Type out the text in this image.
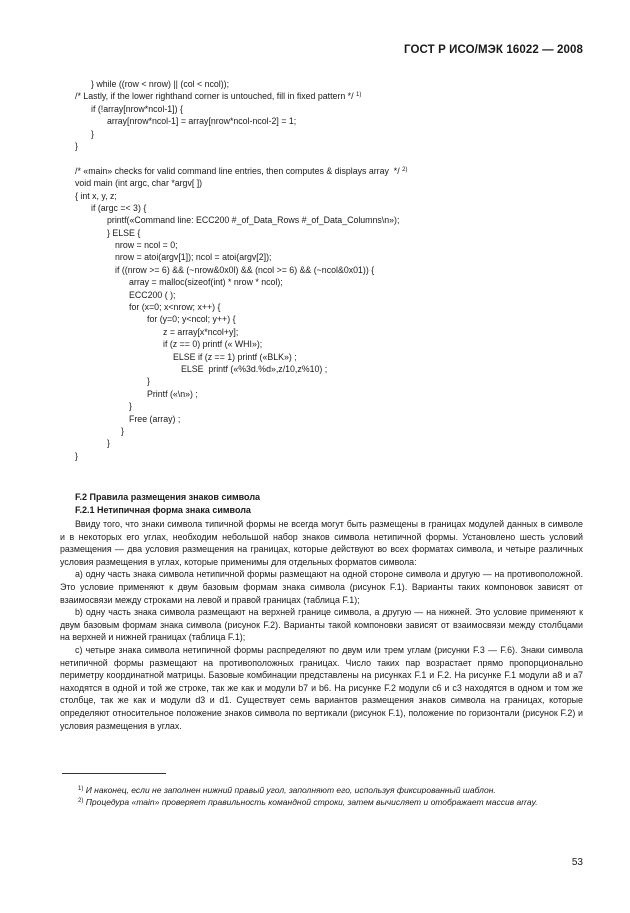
ГОСТ Р ИСО/МЭК 16022 — 2008
} while ((row < nrow) || (col < ncol));
/* Lastly, if the lower righthand corner is untouched, fill in fixed pattern */ $^{1)}$
if (!array[nrow*ncol-1]) {
array[nrow*ncol-1] = array[nrow*ncol-ncol-2] = 1;
}
}
/* «main» checks for valid command line entries, then computes & displays array  */ $^{2)}$
void main (int argc, char *argv[ ])
{ int x, y, z;
if (argc =< 3) {
printf(«Command line: ECC200 #_of_Data_Rows #_of_Data_Columns\n»);
} ELSE {
nrow = ncol = 0;
nrow = atoi(argv[1]); ncol = atoi(argv[2]);
if ((nrow >= 6) && (~nrow&0x0l) && (ncol >= 6) && (~ncol&0x01)) {
array = malloc(sizeof(int) * nrow * ncol);
ECC200 ( );
for (x=0; x<nrow; x++) {
for (y=0; y<ncol; y++) {
z = array[x*ncol+y];
if (z == 0) printf (« WHI»);
ELSE if (z == 1) printf («BLK») ;
ELSE  printf («%3d.%d»,z/10,z%10) ;
}
Printf («\n») ;
}
Free (array) ;
}
}
}
F.2 Правила размещения знаков символа
F.2.1 Нетипичная форма знака символа

Ввиду того, что знаки символа типичной формы не всегда могут быть размещены в границах модулей данных в символе и в некоторых его углах, необходим небольшой набор знаков символа нетипичной формы. Установлено шесть условий размещения — два условия размещения на границах, которые действуют во всех форматах символа, и четыре различных условия размещения в углах, которые применимы для отдельных форматов символа:

a) одну часть знака символа нетипичной формы размещают на одной стороне символа и другую — на противоположной. Это условие применяют к двум базовым формам знака символа (рисунок F.1). Варианты таких компоновок зависят от взаимосвязи между строками на левой и правой границах (таблица F.1);

b) одну часть знака символа размещают на верхней границе символа, а другую — на нижней. Это условие применяют к двум базовым формам знака символа (рисунок F.2). Варианты такой компоновки зависят от взаимосвязи между столбцами на верхней и нижней границах (таблица F.1);

c) четыре знака символа нетипичной формы распределяют по двум или трем углам (рисунки F.3 — F.6). Знаки символа нетипичной формы размещают на противоположных границах. Число таких пар возрастает прямо пропорционально периметру координатной матрицы. Базовые комбинации представлены на рисунках F.1 и F.2. На рисунке F.1 модули a8 и a7 находятся в одной и той же строке, так же как и модули b7 и b6. На рисунке F.2 модули c6 и c3 находятся в одном и том же столбце, так же как и модули d3 и d1. Существует семь вариантов размещения знаков символа на границах, которые определяют относительное положение знаков символа по вертикали (рисунок F.1), положение по горизонтали (рисунок F.2) и условия размещения в углах.

$^{1)}$ И наконец, если не заполнен нижний правый угол, заполняют его, используя фиксированный шаблон.

$^{2)}$ Процедура «main» проверяет правильность командной строки, затем вычисляет и отображает массив array.

53
